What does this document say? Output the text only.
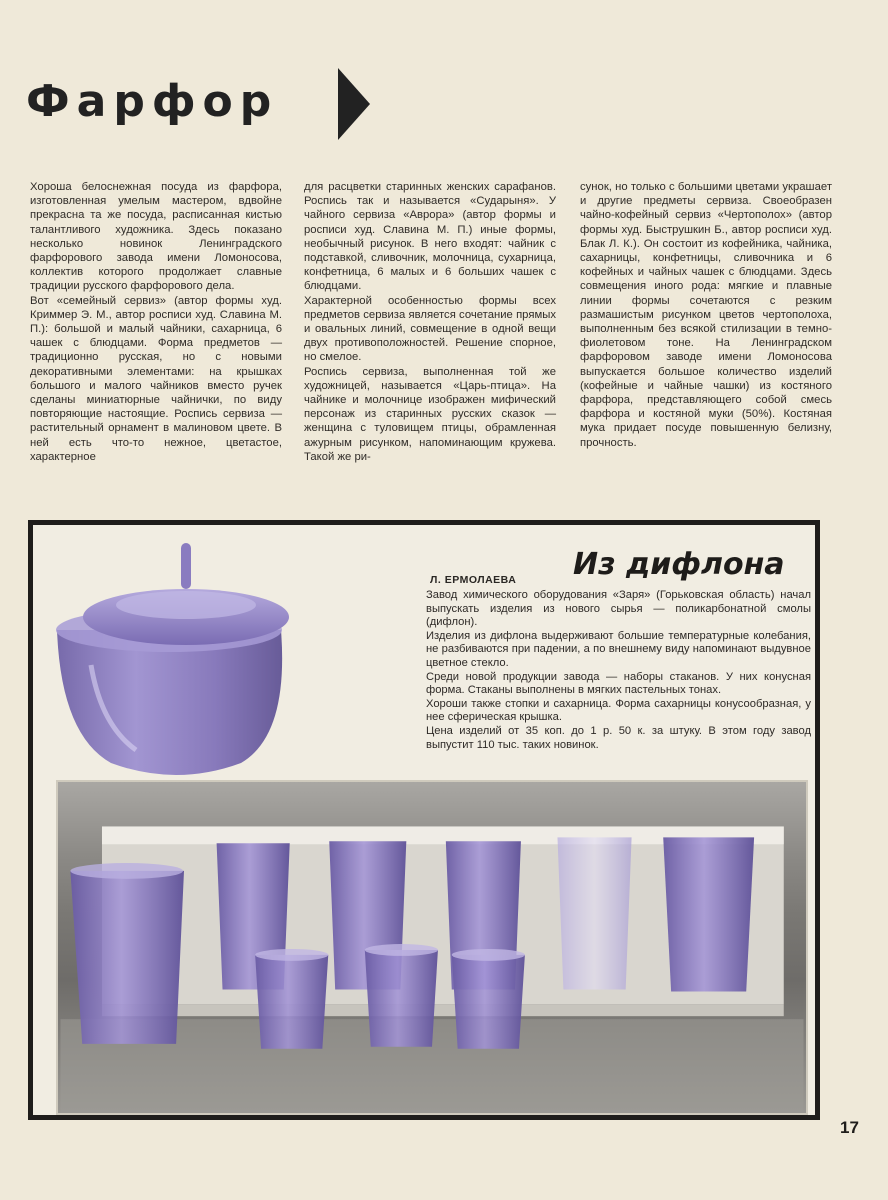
Фарфор

Хороша белоснежная посуда из фарфора, изготовленная умелым мастером, вдвойне прекрасна та же посуда, расписанная кистью талантливого художника. Здесь показано несколько новинок Ленинградского фарфорового завода имени Ломоносова, коллектив которого продолжает славные традиции русского фарфорового дела.

Вот «семейный сервиз» (автор формы худ. Криммер Э. М., автор росписи худ. Славина М. П.): большой и малый чайники, сахарница, 6 чашек с блюдцами. Форма предметов — традиционно русская, но с новыми декоративными элементами: на крышках большого и малого чайников вместо ручек сделаны миниатюрные чайнички, по виду повторяющие настоящие. Роспись сервиза — растительный орнамент в малиновом цвете. В ней есть что-то нежное, цветастое, характерное

для расцветки старинных женских сарафанов. Роспись так и называется «Сударыня». У чайного сервиза «Аврора» (автор формы и росписи худ. Славина М. П.) иные формы, необычный рисунок. В него входят: чайник с подставкой, сливочник, молочница, сухарница, конфетница, 6 малых и 6 больших чашек с блюдцами.

Характерной особенностью формы всех предметов сервиза является сочетание прямых и овальных линий, совмещение в одной вещи двух противоположностей. Решение спорное, но смелое.

Роспись сервиза, выполненная той же художницей, называется «Царь-птица». На чайнике и молочнице изображен мифический персонаж из старинных русских сказок — женщина с туловищем птицы, обрамленная ажурным рисунком, напоминающим кружева. Такой же ри-

сунок, но только с большими цветами украшает и другие предметы сервиза. Своеобразен чайно-кофейный сервиз «Чертополох» (автор формы худ. Быструшкин Б., автор росписи худ. Блак Л. К.). Он состоит из кофейника, чайника, сахарницы, конфетницы, сливочника и 6 кофейных и чайных чашек с блюдцами. Здесь совмещения иного рода: мягкие и плавные линии формы сочетаются с резким размашистым рисунком цветов чертополоха, выполненным без всякой стилизации в темно-фиолетовом тоне. На Ленинградском фарфоровом заводе имени Ломоносова выпускается большое количество изделий (кофейные и чайные чашки) из костяного фарфора, представляющего собой смесь фарфора и костяной муки (50%). Костяная мука придает посуде повышенную белизну, прочность.

Л. ЕРМОЛАЕВА Из дифлона

Завод химического оборудования «Заря» (Горьковская область) начал выпускать изделия из нового сырья — поликарбонатной смолы (дифлон).

Изделия из дифлона выдерживают большие температурные колебания, не разбиваются при падении, а по внешнему виду напоминают выдувное цветное стекло.

Среди новой продукции завода — наборы стаканов. У них конусная форма. Стаканы выполнены в мягких пастельных тонах.

Хороши также стопки и сахарница. Форма сахарницы конусообразная, у нее сферическая крышка.

Цена изделий от 35 коп. до 1 р. 50 к. за штуку. В этом году завод выпустит 110 тыс. таких новинок.

17
